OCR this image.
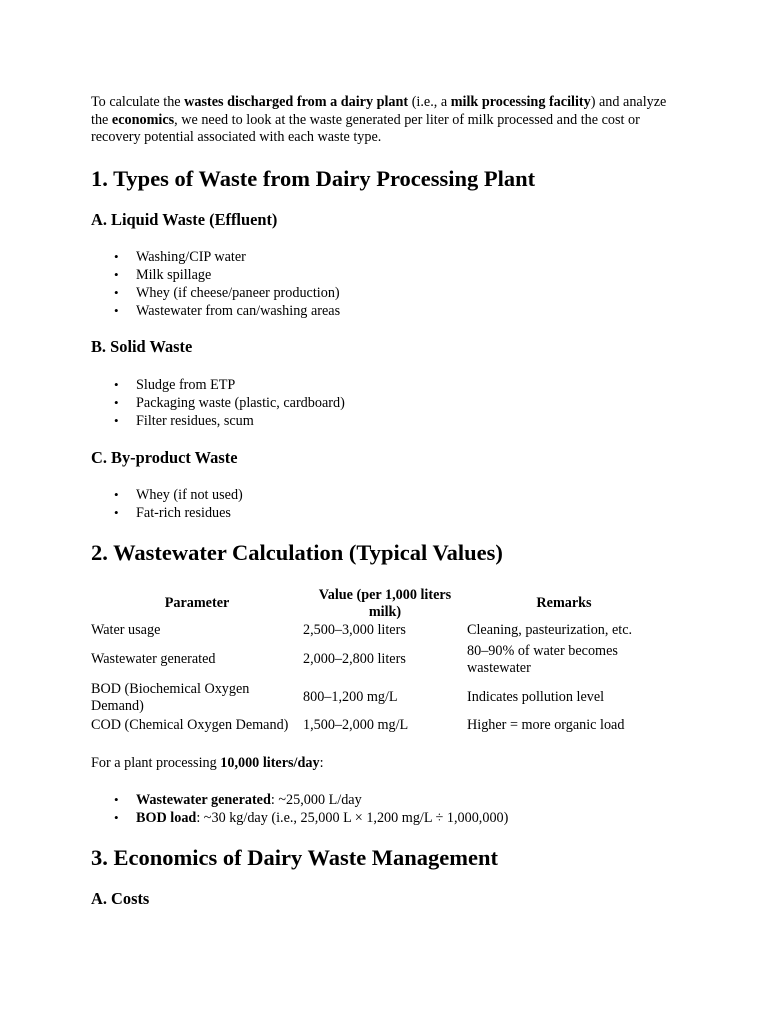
To calculate the wastes discharged from a dairy plant (i.e., a milk processing facility) and analyze the economics, we need to look at the waste generated per liter of milk processed and the cost or recovery potential associated with each waste type.

1. Types of Waste from Dairy Processing Plant
A. Liquid Waste (Effluent)
• Washing/CIP water
• Milk spillage
• Whey (if cheese/paneer production)
• Wastewater from can/washing areas
B. Solid Waste
• Sludge from ETP
• Packaging waste (plastic, cardboard)
• Filter residues, scum
C. By-product Waste
• Whey (if not used)
• Fat-rich residues
2. Wastewater Calculation (Typical Values)
Parameter	Value (per 1,000 liters milk)	Remarks
Water usage	2,500–3,000 liters	Cleaning, pasteurization, etc.
Wastewater generated	2,000–2,800 liters	80–90% of water becomes wastewater
BOD (Biochemical Oxygen Demand)	800–1,200 mg/L	Indicates pollution level
COD (Chemical Oxygen Demand)	1,500–2,000 mg/L	Higher = more organic load

For a plant processing 10,000 liters/day:

• Wastewater generated: ~25,000 L/day
• BOD load: ~30 kg/day (i.e., 25,000 L × 1,200 mg/L ÷ 1,000,000)
3. Economics of Dairy Waste Management
A. Costs
